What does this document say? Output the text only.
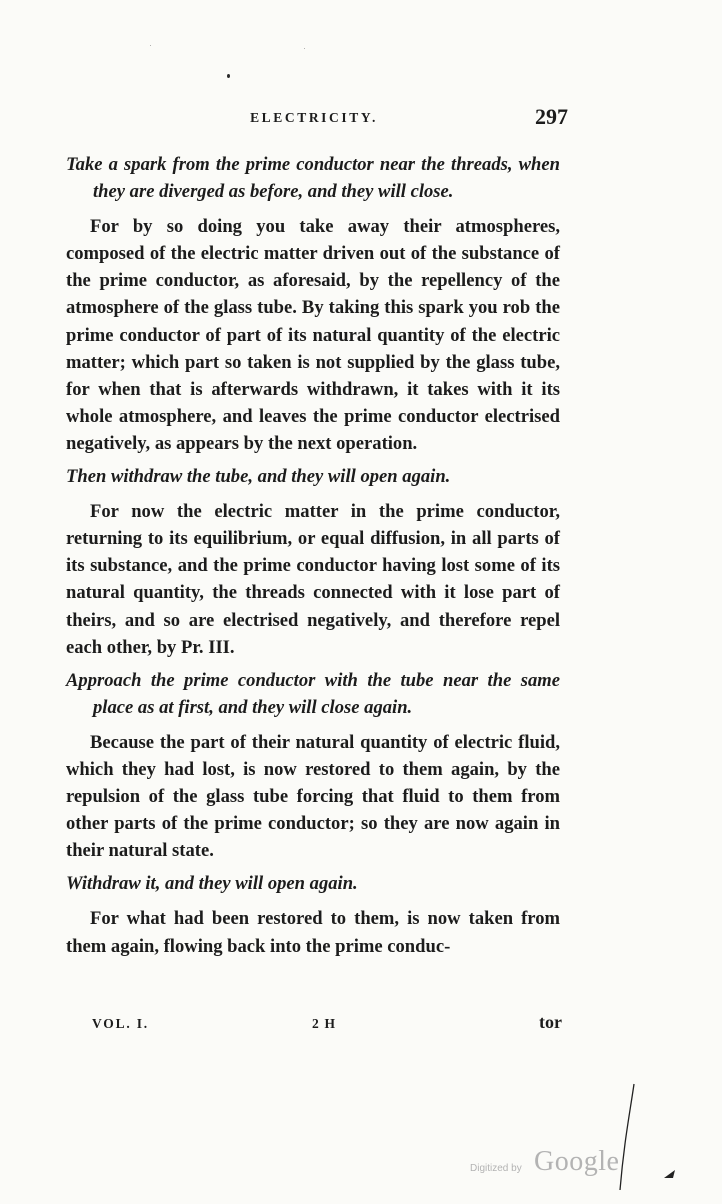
ELECTRICITY.	297

Take a spark from the prime conductor near the threads, when they are diverged as before, and they will close.

For by so doing you take away their atmospheres, composed of the electric matter driven out of the substance of the prime conductor, as aforesaid, by the repellency of the atmosphere of the glass tube. By taking this spark you rob the prime conductor of part of its natural quantity of the electric matter; which part so taken is not supplied by the glass tube, for when that is afterwards withdrawn, it takes with it its whole atmosphere, and leaves the prime conductor electrised negatively, as appears by the next operation.

Then withdraw the tube, and they will open again.

For now the electric matter in the prime conductor, returning to its equilibrium, or equal diffusion, in all parts of its substance, and the prime conductor having lost some of its natural quantity, the threads connected with it lose part of theirs, and so are electrised negatively, and therefore repel each other, by Pr. III.

Approach the prime conductor with the tube near the same place as at first, and they will close again.

Because the part of their natural quantity of electric fluid, which they had lost, is now restored to them again, by the repulsion of the glass tube forcing that fluid to them from other parts of the prime conductor; so they are now again in their natural state.

Withdraw it, and they will open again.

For what had been restored to them, is now taken from them again, flowing back into the prime conduc-

VOL. I.	2 H	tor
Digitized by Google
